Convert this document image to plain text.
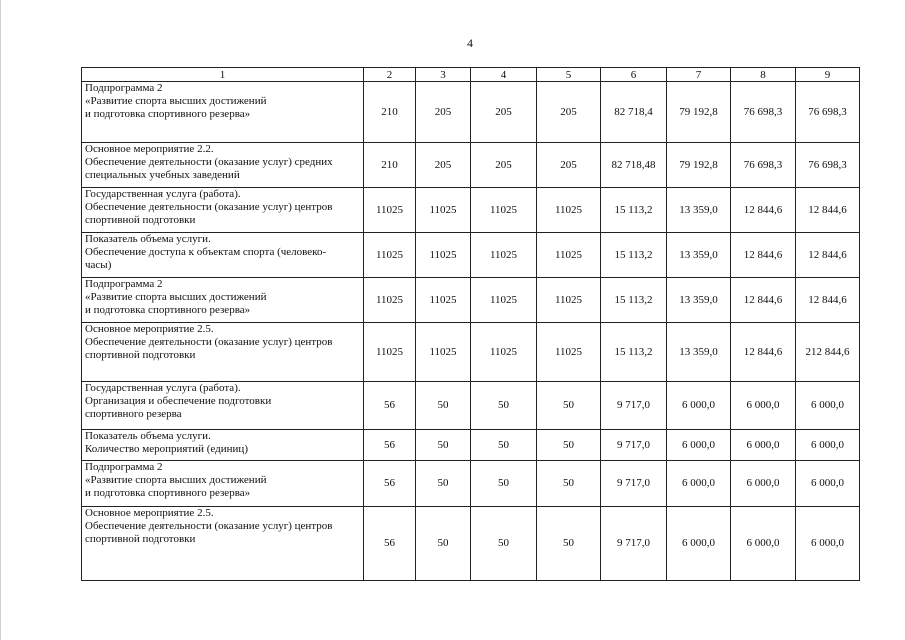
4
1	2	3	4	5	6	7	8	9
Подпрограмма 2
«Развитие спорта высших достижений
и подготовка спортивного резерва»	210	205	205	205	82 718,4	79 192,8	76 698,3	76 698,3
Основное мероприятие 2.2.
Обеспечение деятельности (оказание услуг) средних
специальных учебных заведений	210	205	205	205	82 718,48	79 192,8	76 698,3	76 698,3
Государственная услуга (работа).
Обеспечение деятельности (оказание услуг) центров
спортивной подготовки	11025	11025	11025	11025	15 113,2	13 359,0	12 844,6	12 844,6
Показатель объема услуги.
Обеспечение доступа к объектам спорта (человеко-
часы)	11025	11025	11025	11025	15 113,2	13 359,0	12 844,6	12 844,6
Подпрограмма 2
«Развитие спорта высших достижений
и подготовка спортивного резерва»	11025	11025	11025	11025	15 113,2	13 359,0	12 844,6	12 844,6
Основное мероприятие 2.5.
Обеспечение деятельности (оказание услуг) центров
спортивной подготовки	11025	11025	11025	11025	15 113,2	13 359,0	12 844,6	212 844,6
Государственная услуга (работа).
Организация и обеспечение подготовки
спортивного резерва	56	50	50	50	9 717,0	6 000,0	6 000,0	6 000,0
Показатель объема услуги.
Количество мероприятий (единиц)	56	50	50	50	9 717,0	6 000,0	6 000,0	6 000,0
Подпрограмма 2
«Развитие спорта высших достижений
и подготовка спортивного резерва»	56	50	50	50	9 717,0	6 000,0	6 000,0	6 000,0
Основное мероприятие 2.5.
Обеспечение деятельности (оказание услуг) центров
спортивной подготовки	56	50	50	50	9 717,0	6 000,0	6 000,0	6 000,0
